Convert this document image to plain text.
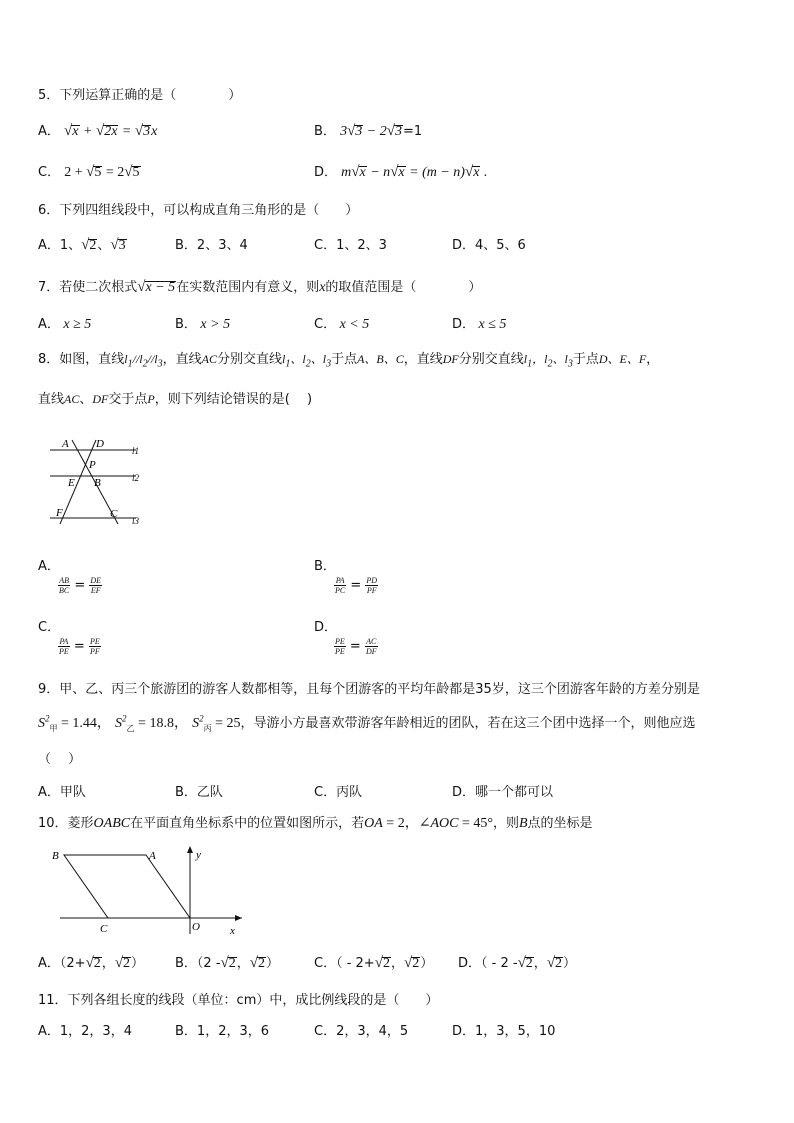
5．下列运算正确的是（　　　　）
A． √x + √2x = √3x	B． 3√3 − 2√3=1
C． 2 + √5 = 2√5	D． m√x − n√x = (m − n)√x .
6．下列四组线段中，可以构成直角三角形的是（　　）
A．1、√2、√3	B．2、3、4	C．1、2、3	D．4、5、6
7．若使二次根式√x − 5在实数范围内有意义，则x的取值范围是（　　　　）
A． x ≥ 5	B． x > 5	C． x < 5	D． x ≤ 5
8．如图，直线$l_1//l_2//l_3$，直线AC分别交直线$l_1$、$l_2$、$l_3$于点A、B、C，直线DF分别交直线$l_1$，$l_2$、$l_3$于点D、E、F，
直线AC、DF交于点P，则下列结论错误的是(　 )
A D
P
E B
F	C
l1
l2
l3
A．

$\frac{AB}{BC} = \frac{DE}{EF}$
B．

$\frac{PA}{PC} = \frac{PD}{PF}$
C．

$\frac{PA}{PE} = \frac{PE}{PF}$
D．

$\frac{PE}{PE} = \frac{AC}{DF}$
9．甲、乙、丙三个旅游团的游客人数都相等，且每个团游客的平均年龄都是35岁，这三个团游客年龄的方差分别是
$S^2_甲 = 1.44$， $S^2_乙 = 18.8$， $S^2_丙 = 25$，导游小方最喜欢带游客年龄相近的团队，若在这三个团中选择一个，则他应选
（　 ）
A．甲队	B．乙队	C．丙队	D．哪一个都可以
10．菱形OABC在平面直角坐标系中的位置如图所示，若OA = 2，∠AOC = 45°，则B点的坐标是
B	A	y
C	O	x
A．（2+√2，√2） B．（2 -√2，√2）	C．（ - 2+√2，√2） D．（ - 2 -√2，√2）
11．下列各组长度的线段（单位：cm）中，成比例线段的是（　　）
A．1，2，3，4	B．1，2，3，6	C．2，3，4，5	D．1，3，5，10
